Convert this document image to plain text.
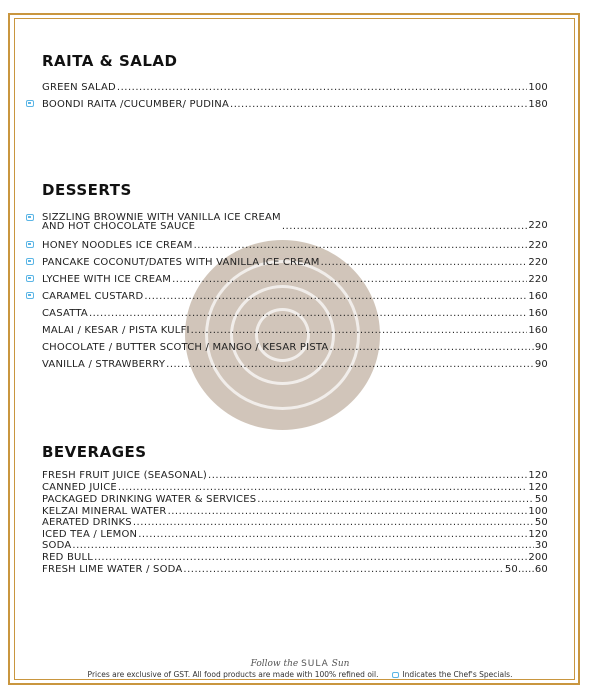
RAITA & SALAD
GREEN SALAD .....	100
BOONDI RAITA /CUCUMBER/ PUDINA .....	180
DESSERTS
SIZZLING BROWNIE WITH VANILLA ICE CREAM
AND HOT CHOCOLATE SAUCE .....	220
HONEY NOODLES ICE CREAM .....	220
PANCAKE COCONUT/DATES WITH VANILLA ICE CREAM .....	220
LYCHEE WITH ICE CREAM .....	220
CARAMEL CUSTARD .....	160
CASATTA .....	160
MALAI / KESAR / PISTA KULFI .....	160
CHOCOLATE / BUTTER SCOTCH / MANGO / KESAR PISTA .....	.90
VANILLA / STRAWBERRY .....	90
BEVERAGES
FRESH FRUIT JUICE (SEASONAL) .....	120
CANNED JUICE .....	120
PACKAGED DRINKING WATER & SERVICES .....	50
KELZAI MINERAL WATER .....	100
AERATED DRINKS .....	50
ICED TEA / LEMON .....	120
SODA .....	30
RED BULL .....	200
FRESH LIME WATER / SODA .....	50.....60
Follow the SULA Sun
Prices are exclusive of GST. All food products are made with 100% refined oil.	Indicates the Chef's Specials.
